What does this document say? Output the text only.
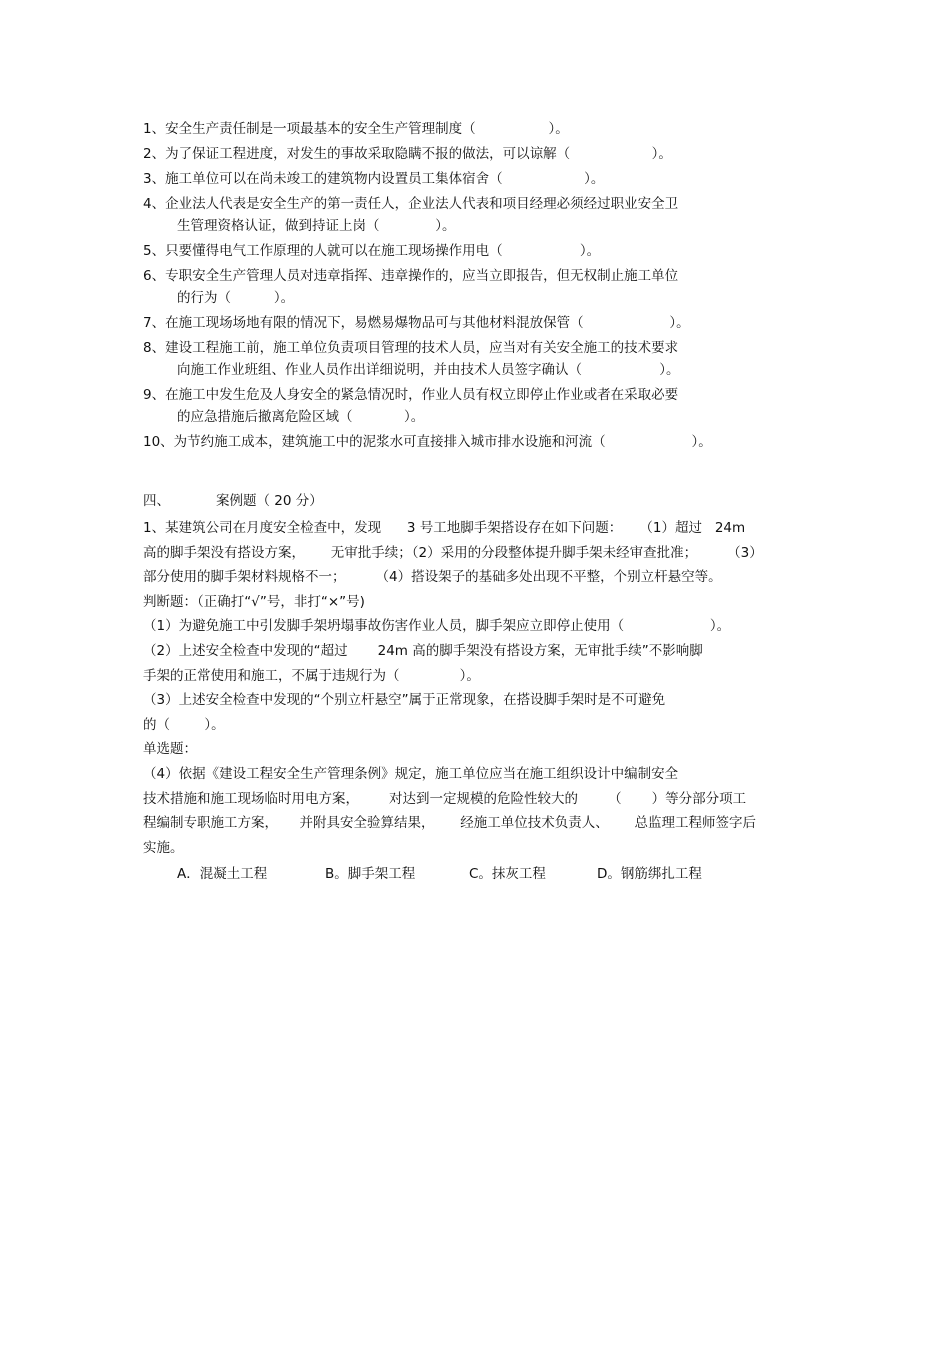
1、安全生产责任制是一项最基本的安全生产管理制度（                 ）。
2、为了保证工程进度，对发生的事故采取隐瞒不报的做法，可以谅解（                   ）。
3、施工单位可以在尚未竣工的建筑物内设置员工集体宿舍（                   ）。
4、企业法人代表是安全生产的第一责任人，企业法人代表和项目经理必须经过职业安全卫
生管理资格认证，做到持证上岗（             ）。
5、只要懂得电气工作原理的人就可以在施工现场操作用电（                  ）。
6、专职安全生产管理人员对违章指挥、违章操作的，应当立即报告，但无权制止施工单位
的行为（          ）。
7、在施工现场场地有限的情况下，易燃易爆物品可与其他材料混放保管（                    ）。
8、建设工程施工前，施工单位负责项目管理的技术人员，应当对有关安全施工的技术要求
向施工作业班组、作业人员作出详细说明，并由技术人员签字确认（                  ）。
9、在施工中发生危及人身安全的紧急情况时，作业人员有权立即停止作业或者在采取必要
的应急措施后撤离危险区域（            ）。
10、为节约施工成本，建筑施工中的泥浆水可直接排入城市排水设施和河流（                    ）。
四、	案例题（ 20 分）

1、某建筑公司在月度安全检查中，发现      3 号工地脚手架搭设存在如下问题：    （1）超过   24m

高的脚手架没有搭设方案，      无审批手续；（2）采用的分段整体提升脚手架未经审查批准；       （3）

部分使用的脚手架材料规格不一；       （4）搭设架子的基础多处出现不平整，个别立杆悬空等。

判断题：（正确打“√”号，非打“×”号)

（1）为避免施工中引发脚手架坍塌事故伤害作业人员，脚手架应立即停止使用（                    ）。

（2）上述安全检查中发现的“超过       24m 高的脚手架没有搭设方案，无审批手续”不影响脚

手架的正常使用和施工，不属于违规行为（              ）。

（3）上述安全检查中发现的“个别立杆悬空”属于正常现象，在搭设脚手架时是不可避免

的（        ）。

单选题：

（4）依据《建设工程安全生产管理条例》规定，施工单位应当在施工组织设计中编制安全

技术措施和施工现场临时用电方案，       对达到一定规模的危险性较大的       （       ）等分部分项工

程编制专职施工方案，     并附具安全验算结果，      经施工单位技术负责人、      总监理工程师签字后

实施。

A．混凝土工程	B。脚手架工程	C。抹灰工程	D。钢筋绑扎工程
